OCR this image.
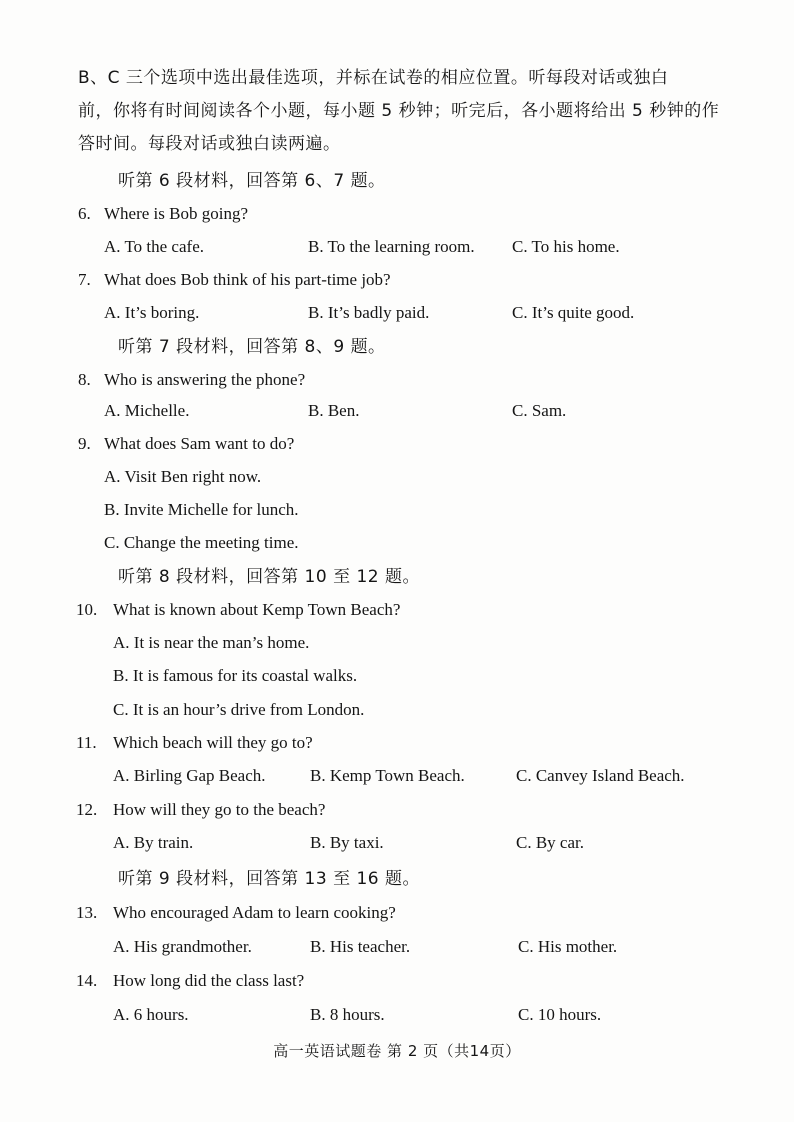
B、C 三个选项中选出最佳选项，并标在试卷的相应位置。听每段对话或独白

前，你将有时间阅读各个小题，每小题 5 秒钟；听完后，各小题将给出 5 秒钟的作

答时间。每段对话或独白读两遍。

听第 6 段材料，回答第 6、7 题。
6. Where is Bob going?
A. To the cafe.	B. To the learning room. C. To his home.
7. What does Bob think of his part-time job?
A. It’s boring.	B. It’s badly paid.	C. It’s quite good.
听第 7 段材料，回答第 8、9 题。
8. Who is answering the phone?
A. Michelle.	B. Ben.	C. Sam.
9. What does Sam want to do?
A. Visit Ben right now.
B. Invite Michelle for lunch.
C. Change the meeting time.
听第 8 段材料，回答第 10 至 12 题。
10. What is known about Kemp Town Beach?
A. It is near the man’s home.
B. It is famous for its coastal walks.
C. It is an hour’s drive from London.
11. Which beach will they go to?
A. Birling Gap Beach.	B. Kemp Town Beach.	C. Canvey Island Beach.
12. How will they go to the beach?
A. By train.	B. By taxi.	C. By car.
听第 9 段材料，回答第 13 至 16 题。
13. Who encouraged Adam to learn cooking?
A. His grandmother.	B. His teacher.	C. His mother.
14. How long did the class last?
A. 6 hours.	B. 8 hours.	C. 10 hours.
高一英语试题卷 第 2 页（共14页）
